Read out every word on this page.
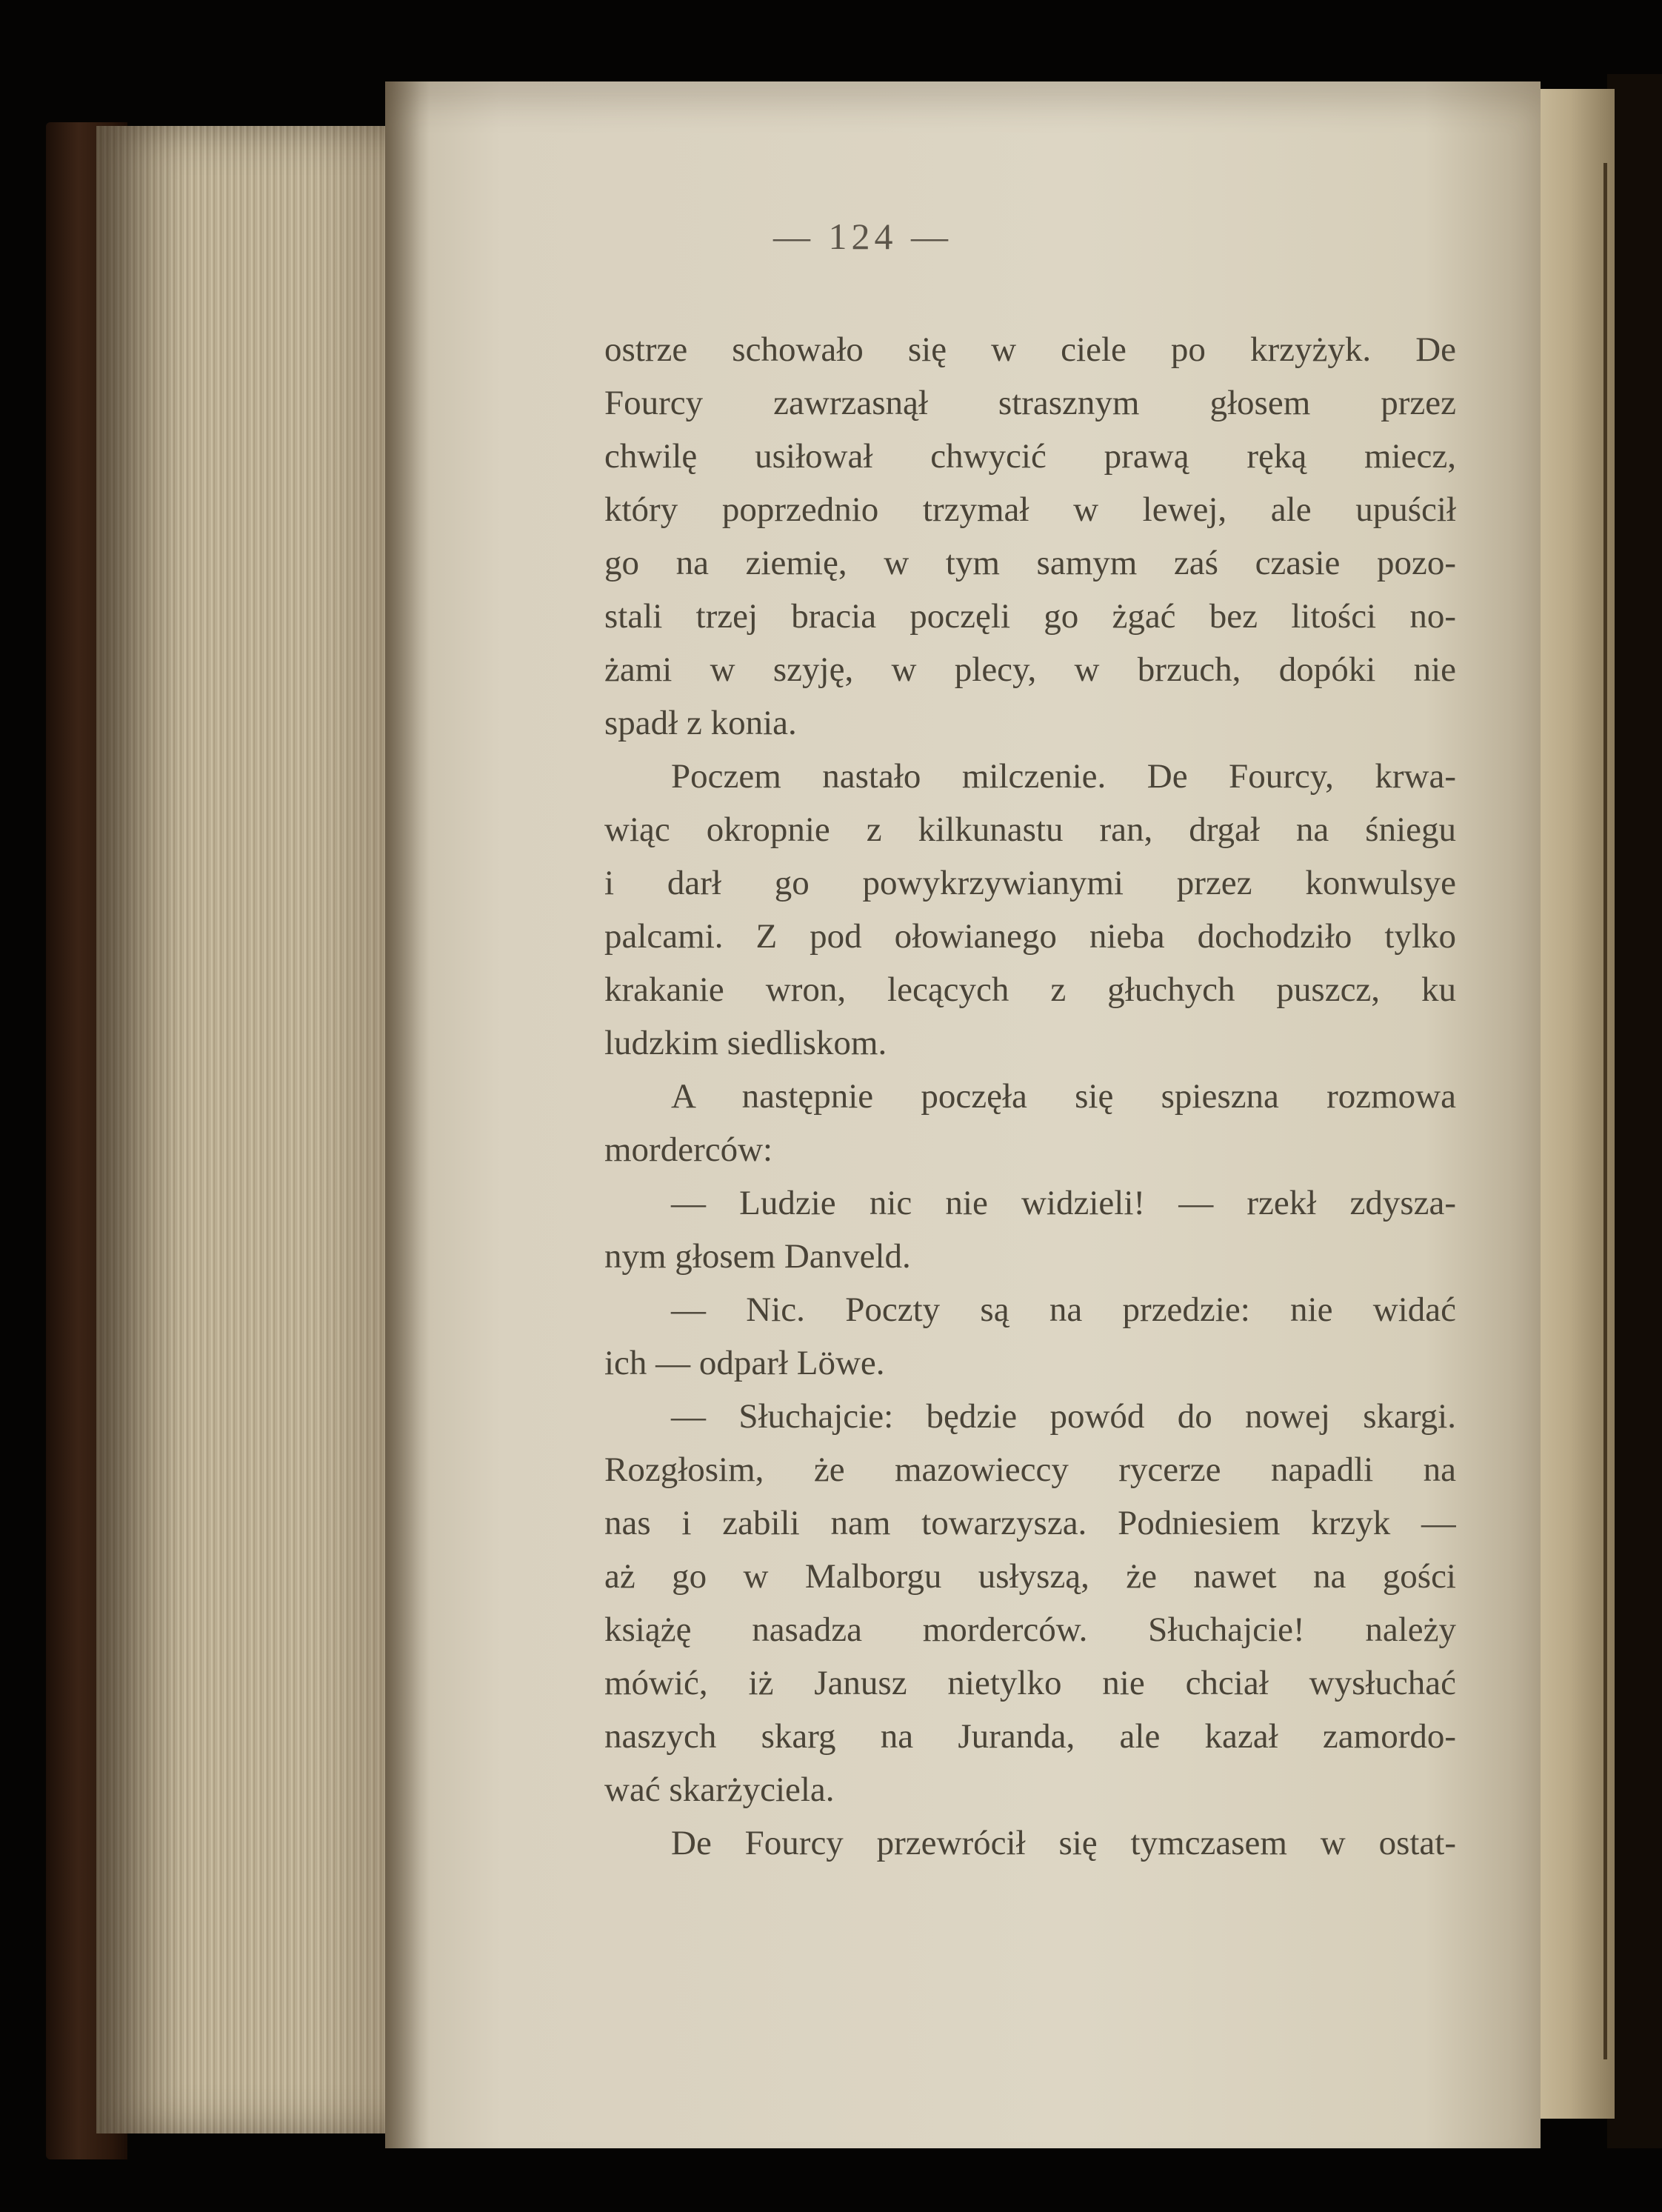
— 124 —
ostrze schowało się w ciele po krzyżyk. De
Fourcy zawrzasnął strasznym głosem przez
chwilę usiłował chwycić prawą ręką miecz,
który poprzednio trzymał w lewej, ale upuścił
go na ziemię, w tym samym zaś czasie pozo-
stali trzej bracia poczęli go żgać bez litości no-
żami w szyję, w plecy, w brzuch, dopóki nie
spadł z konia.
Poczem nastało milczenie. De Fourcy, krwa-
wiąc okropnie z kilkunastu ran, drgał na śniegu
i darł go powykrzywianymi przez konwulsye
palcami. Z pod ołowianego nieba dochodziło tylko
krakanie wron, lecących z głuchych puszcz, ku
ludzkim siedliskom.
A następnie poczęła się spieszna rozmowa
morderców:
— Ludzie nic nie widzieli! — rzekł zdysza-
nym głosem Danveld.
— Nic. Poczty są na przedzie: nie widać
ich — odparł Löwe.
— Słuchajcie: będzie powód do nowej skargi.
Rozgłosim, że mazowieccy rycerze napadli na
nas i zabili nam towarzysza. Podniesiem krzyk —
aż go w Malborgu usłyszą, że nawet na gości
książę nasadza morderców. Słuchajcie! należy
mówić, iż Janusz nietylko nie chciał wysłuchać
naszych skarg na Juranda, ale kazał zamordo-
wać skarżyciela.
De Fourcy przewrócił się tymczasem w ostat-
